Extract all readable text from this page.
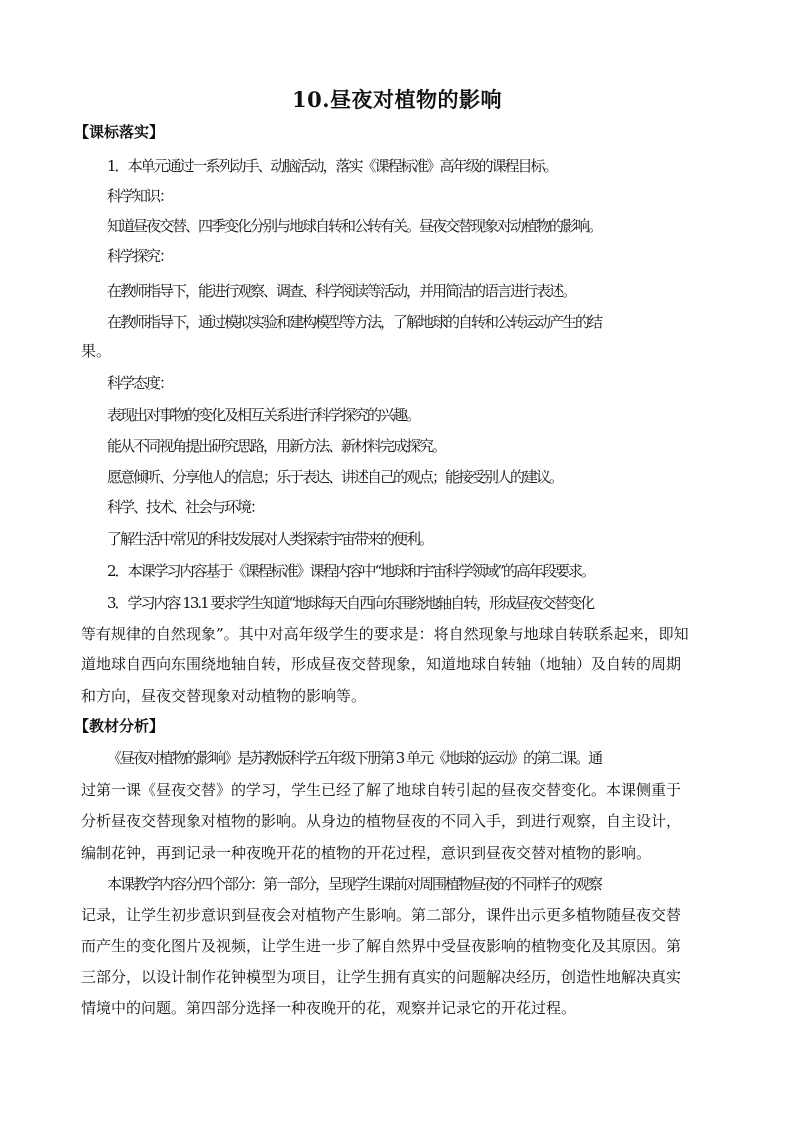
10.昼夜对植物的影响
【课标落实】
1．本单元通过一系列动手、动脑活动，落实《课程标准》高年级的课程目标。
科学知识：
知道昼夜交替、四季变化分别与地球自转和公转有关。昼夜交替现象对动植物的影响。
科学探究：
在教师指导下，能进行观察、调查、科学阅读等活动，并用简洁的语言进行表述。
在教师指导下，通过模拟实验和建构模型等方法，了解地球的自转和公转运动产生的结
果。
科学态度：
表现出对事物的变化及相互关系进行科学探究的兴趣。
能从不同视角提出研究思路，用新方法、新材料完成探究。
愿意倾听、分享他人的信息；乐于表达、讲述自己的观点；能接受别人的建议。
科学、技术、社会与环境：
了解生活中常见的科技发展对人类探索宇宙带来的便利。
2．本课学习内容基于《课程标准》课程内容中“地球和宇宙科学领域”的高年段要求。
3．学习内容 13.1 要求学生知道“地球每天自西向东围绕地轴自转，形成昼夜交替变化
等有规律的自然现象”。其中对高年级学生的要求是：将自然现象与地球自转联系起来，即知
道地球自西向东围绕地轴自转，形成昼夜交替现象，知道地球自转轴（地轴）及自转的周期
和方向，昼夜交替现象对动植物的影响等。
【教材分析】
《昼夜对植物的影响》是苏教版科学五年级下册第 3 单元《地球的运动》的第二课。通
过第一课《昼夜交替》的学习，学生已经了解了地球自转引起的昼夜交替变化。本课侧重于
分析昼夜交替现象对植物的影响。从身边的植物昼夜的不同入手，到进行观察，自主设计，
编制花钟，再到记录一种夜晚开花的植物的开花过程，意识到昼夜交替对植物的影响。
本课教学内容分四个部分：第一部分，呈现学生课前对周围植物昼夜的不同样子的观察
记录，让学生初步意识到昼夜会对植物产生影响。第二部分，课件出示更多植物随昼夜交替
而产生的变化图片及视频，让学生进一步了解自然界中受昼夜影响的植物变化及其原因。第
三部分，以设计制作花钟模型为项目，让学生拥有真实的问题解决经历，创造性地解决真实
情境中的问题。第四部分选择一种夜晚开的花，观察并记录它的开花过程。
